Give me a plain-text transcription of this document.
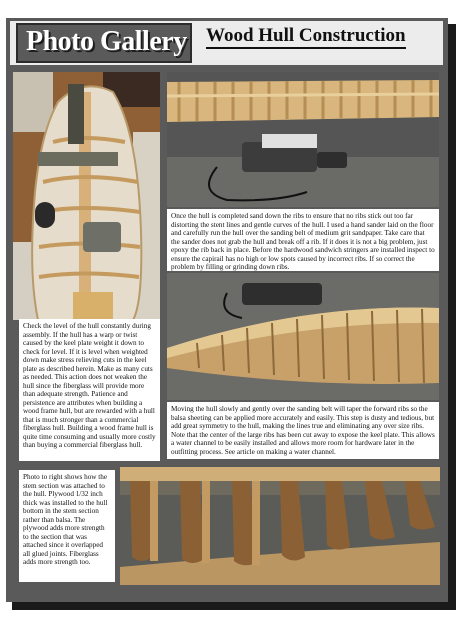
Photo Gallery Wood Hull Construction
Once the hull is completed sand down the ribs to ensure that no ribs stick out too far distorting the stent lines and gentle curves of the hull. I used a hand sander laid on the floor and carefully run the hull over the sanding belt of medium grit sandpaper. Take care that the sander does not grab the hull and break off a rib. If it does it is not a big problem, just epoxy the rib back in place. Before the hardwood sandwich stringers are installed inspect to ensure the capirail has no high or low spots caused by incorrect ribs. If so correct the problem by filling or grinding down ribs.
Check the level of the hull constantly during assembly. If the hull has a warp or twist caused by the keel plate weight it down to check for level. If it is level when weighted down make stress relieving cuts in the keel plate as described herein. Make as many cuts as needed. This action does not weaken the hull since the fiberglass will provide more than adequate strength. Patience and persistence are attributes when building a wood frame hull, but are rewarded with a hull that is much stronger than a commercial fiberglass hull. Building a wood frame hull is quite time consuming and usually more costly than buying a commercial fiberglass hull.
Moving the hull slowly and gently over the sanding belt will taper the forward ribs so the balsa sheeting can be applied more accurately and easily. This step is dusty and tedious, but add great symmetry to the hull, making the lines true and eliminating any over size ribs. Note that the center of the large ribs has been cut away to expose the keel plate. This allows a water channel to be easily installed and allows more room for hardware later in the outfitting process. See article on making a water channel.
Photo to right shows how the stem section was attached to the hull. Plywood 1/32 inch thick was installed to the hull bottom in the stem section rather than balsa. The plywood adds more strength to the section that was attached since it overlapped all glued joints. Fiberglass adds more strength too.
